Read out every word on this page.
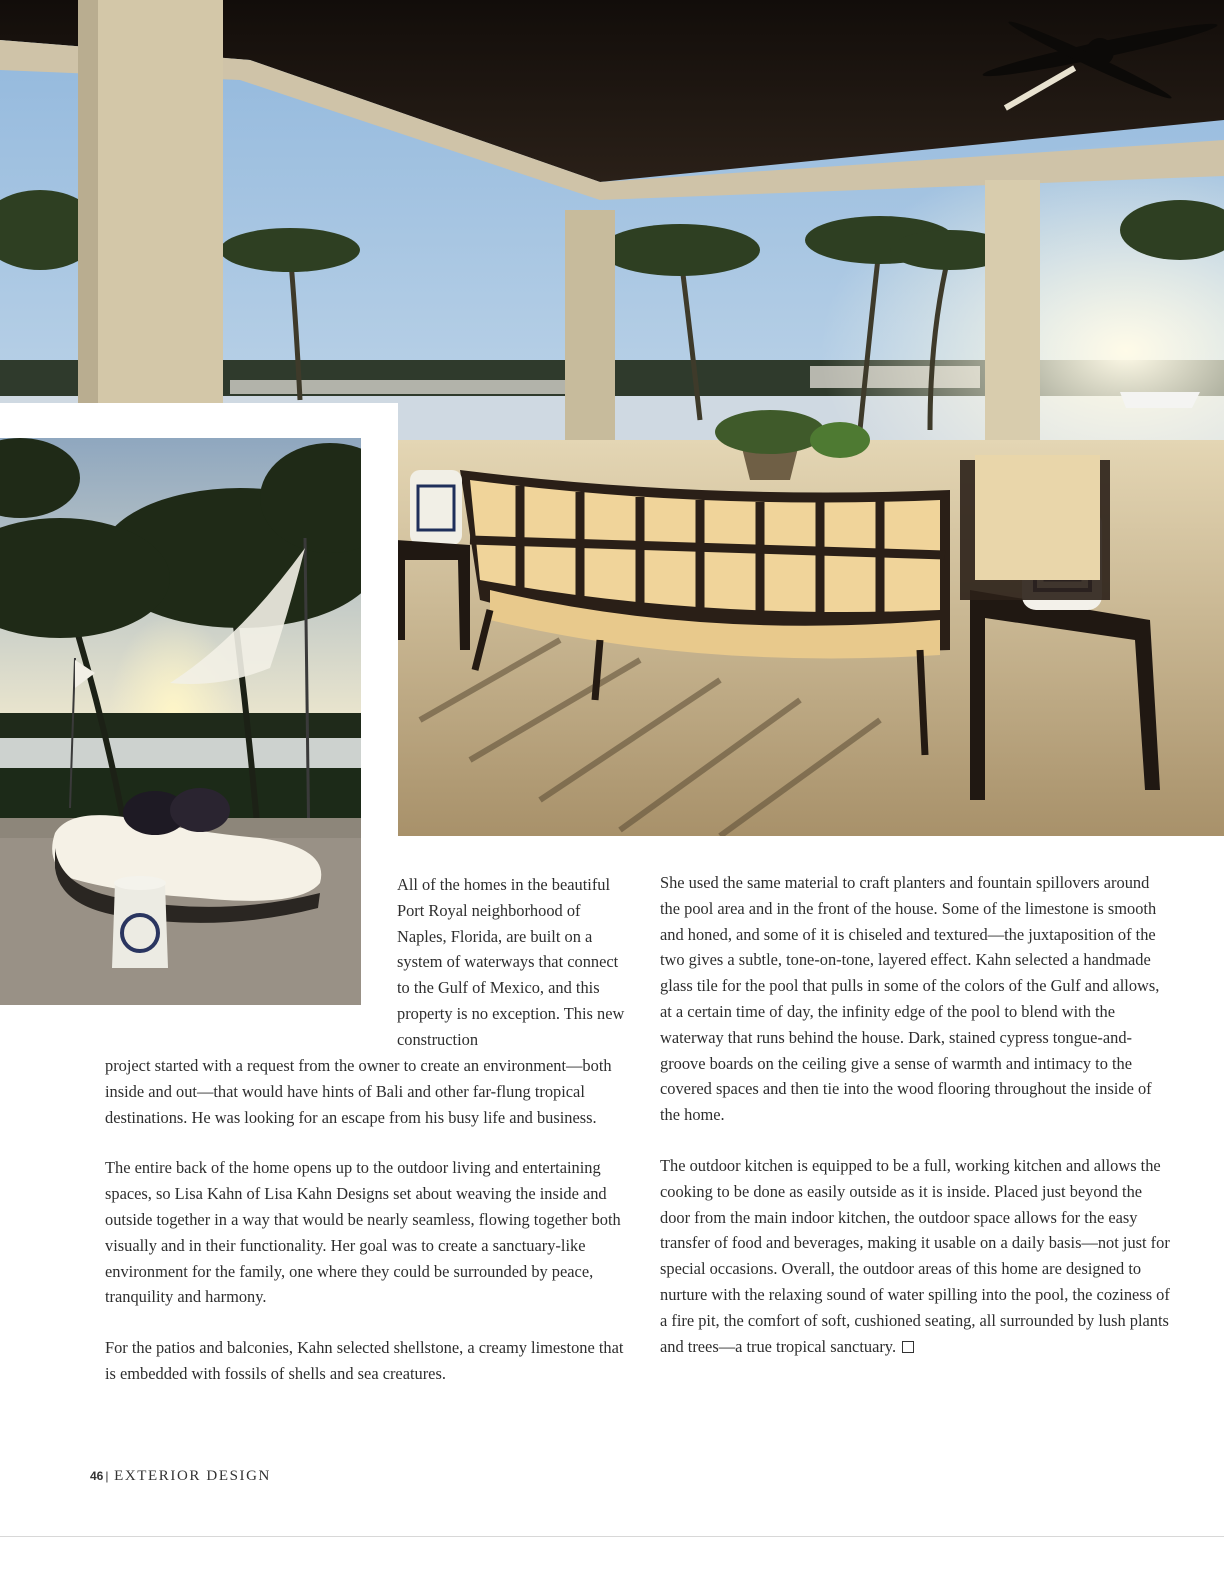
All of the homes in the beautiful Port Royal neighborhood of Naples, Florida, are built on a system of waterways that connect to the Gulf of Mexico, and this property is no exception. This new construction

project started with a request from the owner to create an environment—both inside and out—that would have hints of Bali and other far-flung tropical destinations. He was looking for an escape from his busy life and business.

The entire back of the home opens up to the outdoor living and entertaining spaces, so Lisa Kahn of Lisa Kahn Designs set about weaving the inside and outside together in a way that would be nearly seamless, flowing together both visually and in their functionality. Her goal was to create a sanctuary-like environment for the family, one where they could be surrounded by peace, tranquility and harmony.

For the patios and balconies, Kahn selected shellstone, a creamy limestone that is embedded with fossils of shells and sea creatures.

She used the same material to craft planters and fountain spillovers around the pool area and in the front of the house. Some of the limestone is smooth and honed, and some of it is chiseled and textured—the juxtaposition of the two gives a subtle, tone-on-tone, layered effect. Kahn selected a handmade glass tile for the pool that pulls in some of the colors of the Gulf and allows, at a certain time of day, the infinity edge of the pool to blend with the waterway that runs behind the house. Dark, stained cypress tongue-and-groove boards on the ceiling give a sense of warmth and intimacy to the covered spaces and then tie into the wood flooring throughout the inside of the home.

The outdoor kitchen is equipped to be a full, working kitchen and allows the cooking to be done as easily outside as it is inside. Placed just beyond the door from the main indoor kitchen, the outdoor space allows for the easy transfer of food and beverages, making it usable on a daily basis—not just for special occasions. Overall, the outdoor areas of this home are designed to nurture with the relaxing sound of water spilling into the pool, the coziness of a fire pit, the comfort of soft, cushioned seating, all surrounded by lush plants and trees—a true tropical sanctuary.

46 | EXTERIOR DESIGN
